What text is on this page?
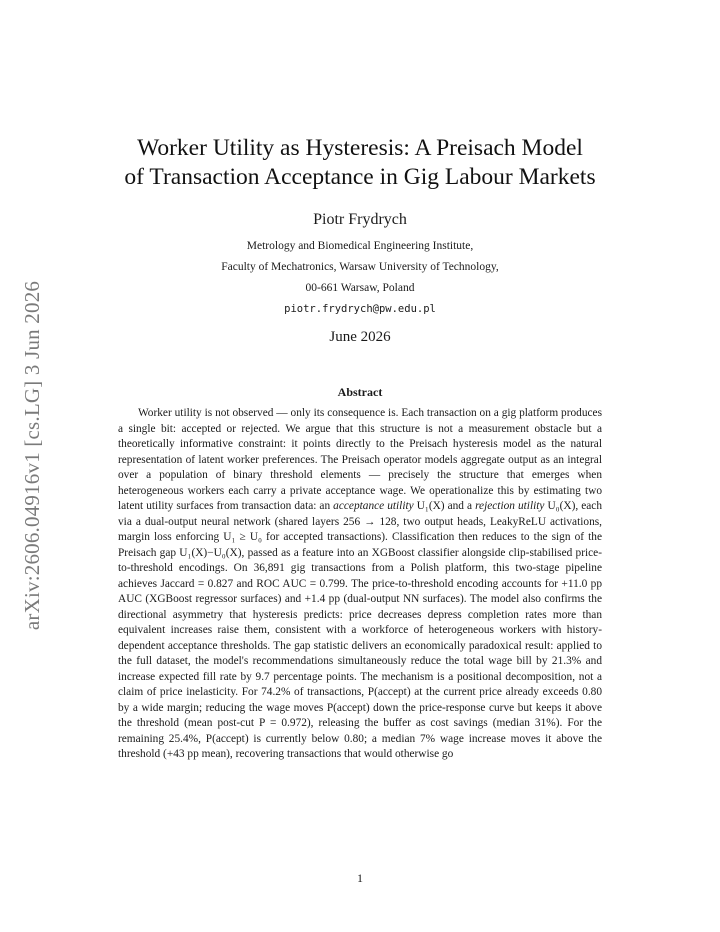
arXiv:2606.04916v1 [cs.LG] 3 Jun 2026
Worker Utility as Hysteresis: A Preisach Model
of Transaction Acceptance in Gig Labour Markets
Piotr Frydrych
Metrology and Biomedical Engineering Institute,
Faculty of Mechatronics, Warsaw University of Technology,
00-661 Warsaw, Poland
piotr.frydrych@pw.edu.pl
June 2026
Abstract

Worker utility is not observed — only its consequence is. Each transaction on a gig platform produces a single bit: accepted or rejected. We argue that this structure is not a measurement obstacle but a theoretically informative constraint: it points directly to the Preisach hysteresis model as the natural representation of latent worker preferences. The Preisach operator models aggregate output as an integral over a population of binary threshold elements — precisely the structure that emerges when heterogeneous workers each carry a private acceptance wage. We operationalize this by estimating two latent utility surfaces from transaction data: an acceptance utility U₁(X) and a rejection utility U₀(X), each via a dual-output neural network (shared layers 256 → 128, two output heads, LeakyReLU activations, margin loss enforcing U₁ ≥ U₀ for accepted transactions). Classification then reduces to the sign of the Preisach gap U₁(X)−U₀(X), passed as a feature into an XGBoost classifier alongside clip-stabilised price-to-threshold encodings. On 36,891 gig transactions from a Polish platform, this two-stage pipeline achieves Jaccard = 0.827 and ROC AUC = 0.799. The price-to-threshold encoding accounts for +11.0 pp AUC (XGBoost regressor surfaces) and +1.4 pp (dual-output NN surfaces). The model also confirms the directional asymmetry that hysteresis predicts: price decreases depress completion rates more than equivalent increases raise them, consistent with a workforce of heterogeneous workers with history-dependent acceptance thresholds. The gap statistic delivers an economically paradoxical result: applied to the full dataset, the model's recommendations simultaneously reduce the total wage bill by 21.3% and increase expected fill rate by 9.7 percentage points. The mechanism is a positional decomposition, not a claim of price inelasticity. For 74.2% of transactions, P(accept) at the current price already exceeds 0.80 by a wide margin; reducing the wage moves P(accept) down the price-response curve but keeps it above the threshold (mean post-cut P = 0.972), releasing the buffer as cost savings (median 31%). For the remaining 25.4%, P(accept) is currently below 0.80; a median 7% wage increase moves it above the threshold (+43 pp mean), recovering transactions that would otherwise go

1
